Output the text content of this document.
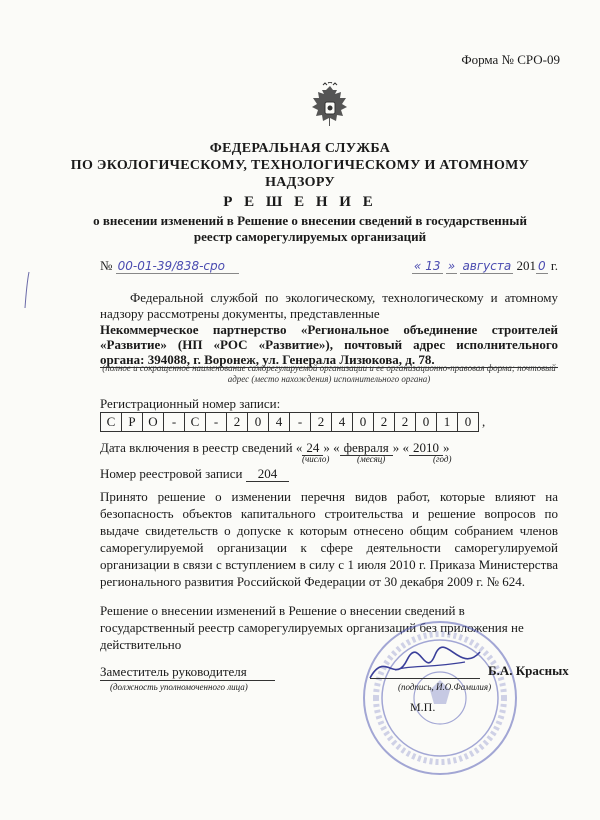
Форма № СРО-09
ФЕДЕРАЛЬНАЯ СЛУЖБА
ПО ЭКОЛОГИЧЕСКОМУ, ТЕХНОЛОГИЧЕСКОМУ И АТОМНОМУ
НАДЗОРУ
Р Е Ш Е Н И Е
о внесении изменений в Решение о внесении сведений в государственный
реестр саморегулируемых организаций
№ 00-01-39/838-сро	« 13 » августа 201 0 г.
Федеральной службой по экологическому, технологическому и атомному надзору рассмотрены документы, представленные
Некоммерческое партнерство «Региональное объединение строителей «Развитие» (НП «РОС «Развитие»), почтовый адрес исполнительного органа: 394088, г. Воронеж, ул. Генерала Лизюкова, д. 78.
(полное и сокращенное наименование саморегулируемой организации и ее организационно-правовая форма; почтовый адрес (место нахождения) исполнительного органа)
Регистрационный номер записи:
С	Р О	-	С	-	2	0	4	-	2	4	0	2	2	0	1	0 ,
Дата включения в реестр сведений « 24 » « февраля » « 2010 »
(число)	(месяц)	(год)
Номер реестровой записи 204
Принято решение о изменении перечня видов работ, которые влияют на безопасность объектов капитального строительства и решение вопросов по выдаче свидетельств о допуске к которым отнесено общим собранием членов саморегулируемой организации к сфере деятельности саморегулируемой организации в связи с вступлением в силу с 1 июля 2010 г. Приказа Министерства регионального развития Российской Федерации от 30 декабря 2009 г. № 624.
Решение о внесении изменений в Решение о внесении сведений в государственный реестр саморегулируемых организаций без приложения не действительно
Заместитель руководителя
(должность уполномоченного лица)	(подпись, И.О.Фамилия)
Б.А. Красных
М.П.
